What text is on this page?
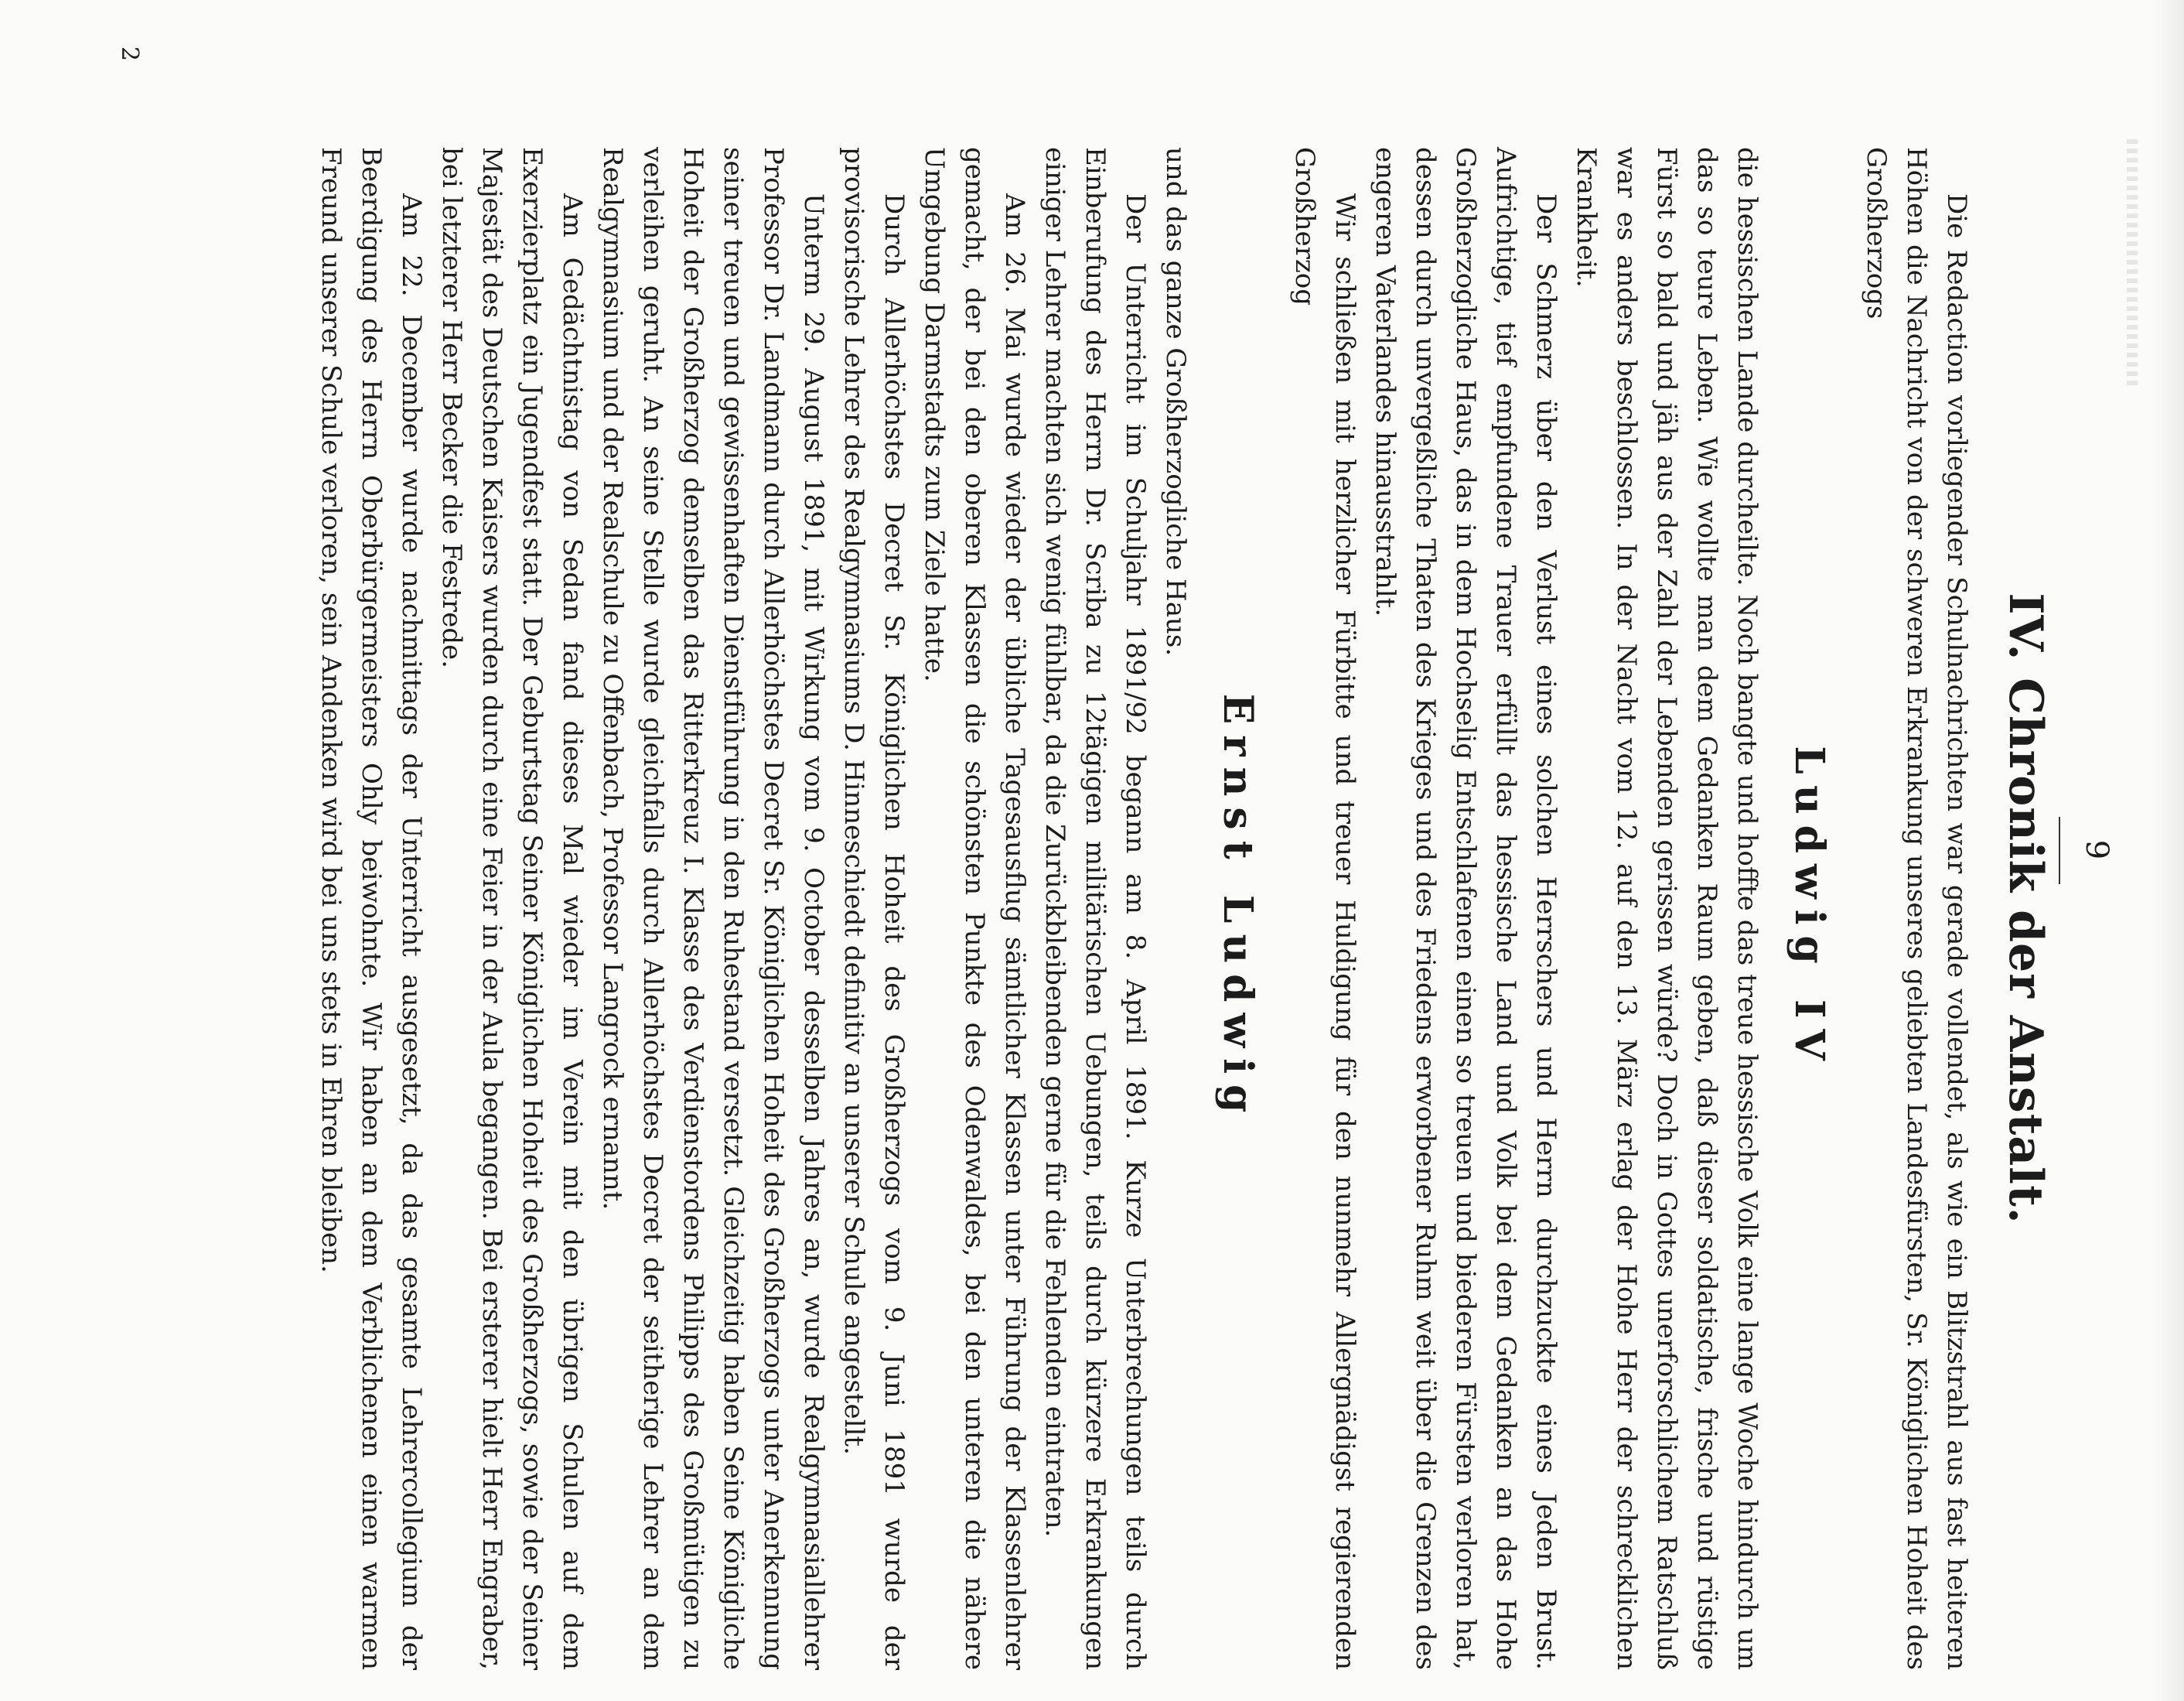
9
IV. Chronik der Anstalt.

Die Redaction vorliegender Schulnachrichten war gerade vollendet, als wie ein Blitzstrahl aus fast heiteren Höhen die Nachricht von der schweren Erkrankung unseres geliebten Landesfürsten, Sr. Königlichen Hoheit des Großherzogs

Ludwig IV

die hessischen Lande durcheilte. Noch bangte und hoffte das treue hessische Volk eine lange Woche hindurch um das so teure Leben. Wie wollte man dem Gedanken Raum geben, daß dieser soldatische, frische und rüstige Fürst so bald und jäh aus der Zahl der Lebenden gerissen würde? Doch in Gottes unerforschlichem Ratschluß war es anders beschlossen. In der Nacht vom 12. auf den 13. März erlag der Hohe Herr der schrecklichen Krankheit.

Der Schmerz über den Verlust eines solchen Herrschers und Herrn durchzuckte eines Jeden Brust. Aufrichtige, tief empfundene Trauer erfüllt das hessische Land und Volk bei dem Gedanken an das Hohe Großherzogliche Haus, das in dem Hochselig Entschlafenen einen so treuen und biederen Fürsten verloren hat, dessen durch unvergeßliche Thaten des Krieges und des Friedens erworbener Ruhm weit über die Grenzen des engeren Vaterlandes hinausstrahlt.

Wir schließen mit herzlicher Fürbitte und treuer Huldigung für den nunmehr Allergnädigst regierenden Großherzog

Ernst Ludwig

und das ganze Großherzogliche Haus.

Der Unterricht im Schuljahr 1891/92 begann am 8. April 1891. Kurze Unterbrechungen teils durch Einberufung des Herrn Dr. Scriba zu 12tägigen militärischen Uebungen, teils durch kürzere Erkrankungen einiger Lehrer machten sich wenig fühlbar, da die Zurückbleibenden gerne für die Fehlenden eintraten.

Am 26. Mai wurde wieder der übliche Tagesausflug sämtlicher Klassen unter Führung der Klassenlehrer gemacht, der bei den oberen Klassen die schönsten Punkte des Odenwaldes, bei den unteren die nähere Umgebung Darmstadts zum Ziele hatte.

Durch Allerhöchstes Decret Sr. Königlichen Hoheit des Großherzogs vom 9. Juni 1891 wurde der provisorische Lehrer des Realgymnasiums D. Hinneschiedt definitiv an unserer Schule angestellt.

Unterm 29. August 1891, mit Wirkung vom 9. October desselben Jahres an, wurde Realgymnasiallehrer Professor Dr. Landmann durch Allerhöchstes Decret Sr. Königlichen Hoheit des Großherzogs unter Anerkennung seiner treuen und gewissenhaften Dienstführung in den Ruhestand versetzt. Gleichzeitig haben Seine Königliche Hoheit der Großherzog demselben das Ritterkreuz I. Klasse des Verdienstordens Philipps des Großmütigen zu verleihen geruht. An seine Stelle wurde gleichfalls durch Allerhöchstes Decret der seitherige Lehrer an dem Realgymnasium und der Realschule zu Offenbach, Professor Langrock ernannt.

Am Gedächtnistag von Sedan fand dieses Mal wieder im Verein mit den übrigen Schulen auf dem Exerzierplatz ein Jugendfest statt. Der Geburtstag Seiner Königlichen Hoheit des Großherzogs, sowie der Seiner Majestät des Deutschen Kaisers wurden durch eine Feier in der Aula begangen. Bei ersterer hielt Herr Engraber, bei letzterer Herr Becker die Festrede.

Am 22. December wurde nachmittags der Unterricht ausgesetzt, da das gesamte Lehrercollegium der Beerdigung des Herrn Oberbürgermeisters Ohly beiwohnte. Wir haben an dem Verblichenen einen warmen Freund unserer Schule verloren, sein Andenken wird bei uns stets in Ehren bleiben.

2
